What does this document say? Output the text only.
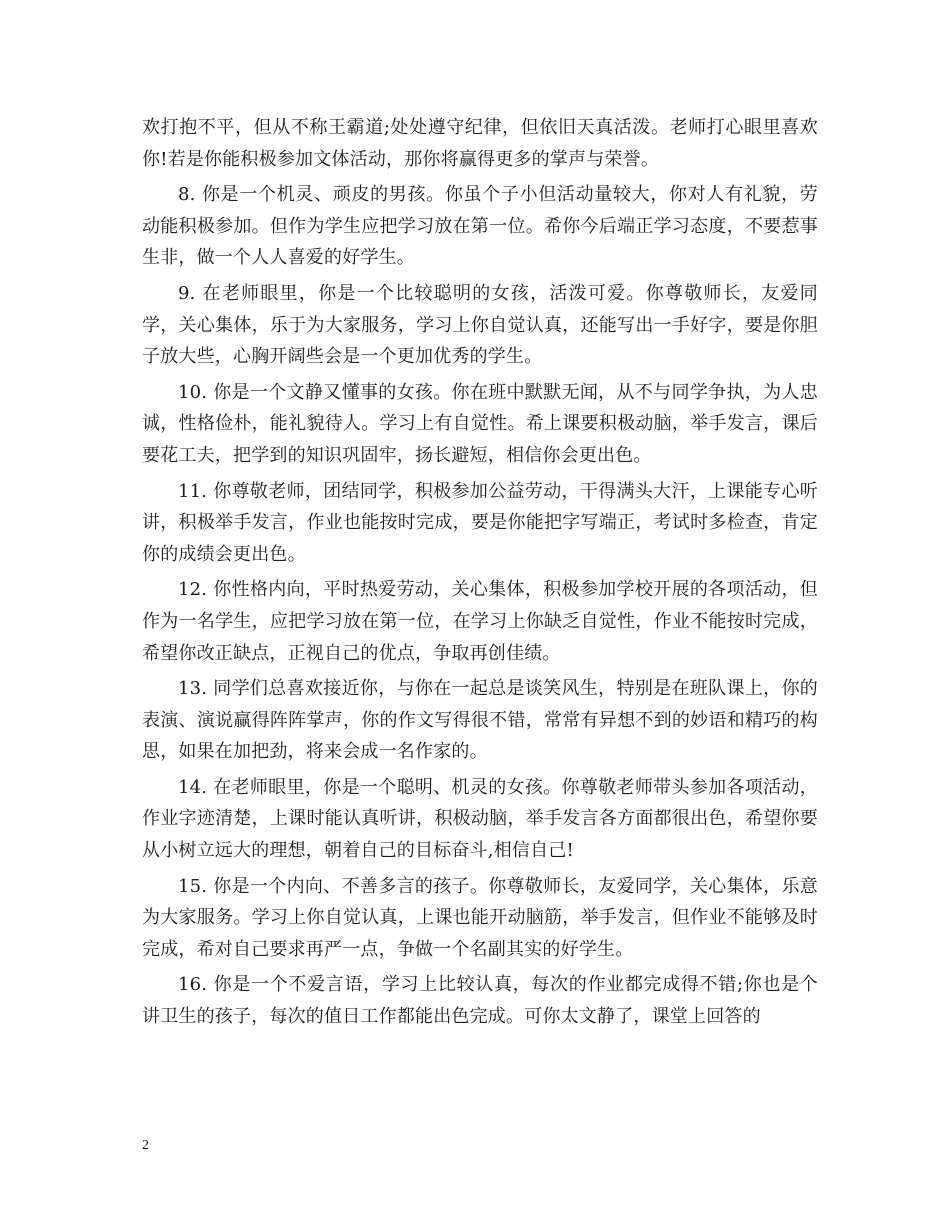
欢打抱不平，但从不称王霸道;处处遵守纪律，但依旧天真活泼。老师打心眼里喜欢你!若是你能积极参加文体活动，那你将赢得更多的掌声与荣誉。

8. 你是一个机灵、顽皮的男孩。你虽个子小但活动量较大，你对人有礼貌，劳动能积极参加。但作为学生应把学习放在第一位。希你今后端正学习态度，不要惹事生非，做一个人人喜爱的好学生。

9. 在老师眼里，你是一个比较聪明的女孩，活泼可爱。你尊敬师长，友爱同学，关心集体，乐于为大家服务，学习上你自觉认真，还能写出一手好字，要是你胆子放大些，心胸开阔些会是一个更加优秀的学生。

10. 你是一个文静又懂事的女孩。你在班中默默无闻，从不与同学争执，为人忠诚，性格俭朴，能礼貌待人。学习上有自觉性。希上课要积极动脑，举手发言，课后要花工夫，把学到的知识巩固牢，扬长避短，相信你会更出色。

11. 你尊敬老师，团结同学，积极参加公益劳动，干得满头大汗，上课能专心听讲，积极举手发言，作业也能按时完成，要是你能把字写端正，考试时多检查，肯定你的成绩会更出色。

12. 你性格内向，平时热爱劳动，关心集体，积极参加学校开展的各项活动，但作为一名学生，应把学习放在第一位，在学习上你缺乏自觉性，作业不能按时完成，希望你改正缺点，正视自己的优点，争取再创佳绩。

13. 同学们总喜欢接近你，与你在一起总是谈笑风生，特别是在班队课上，你的表演、演说赢得阵阵掌声，你的作文写得很不错，常常有异想不到的妙语和精巧的构思，如果在加把劲，将来会成一名作家的。

14. 在老师眼里，你是一个聪明、机灵的女孩。你尊敬老师带头参加各项活动，作业字迹清楚，上课时能认真听讲，积极动脑，举手发言各方面都很出色，希望你要从小树立远大的理想，朝着自己的目标奋斗,相信自己!

15. 你是一个内向、不善多言的孩子。你尊敬师长，友爱同学，关心集体，乐意为大家服务。学习上你自觉认真，上课也能开动脑筋，举手发言，但作业不能够及时完成，希对自己要求再严一点，争做一个名副其实的好学生。

16. 你是一个不爱言语，学习上比较认真，每次的作业都完成得不错;你也是个讲卫生的孩子，每次的值日工作都能出色完成。可你太文静了，课堂上回答的

2
